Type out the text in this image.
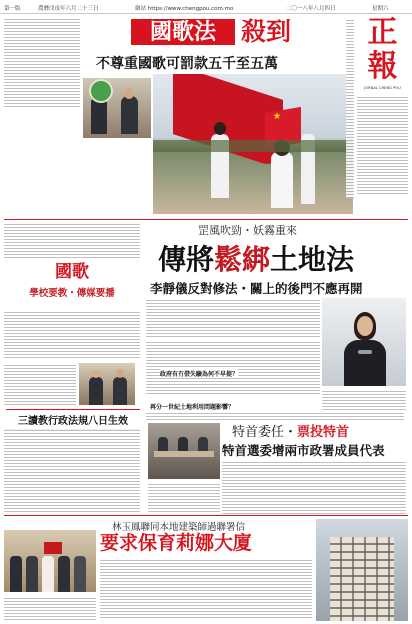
第一版	農曆戊戌年六月二十三日	網站 https://www.chengpou.com.mo	二〇一八年八月四日	星期六
國歌法	殺到
不尊重國歌可罰款五千至五萬
正
報
JORNAL CHENG POU
國歌
學校要教・傳媒要播
三讀教行政法規八日生效
罡風吹勁・妖霧重來
傳將鬆綁土地法
李靜儀反對修法・關上的後門不應再開
政府有冇借失驗為何不早提？
再分一世紀土地利用問題影響？
特首委任・票投特首
特首選委增兩市政署成員代表
林玉鳳聯同本地建築師過聯署信
要求保育莉娜大廈
